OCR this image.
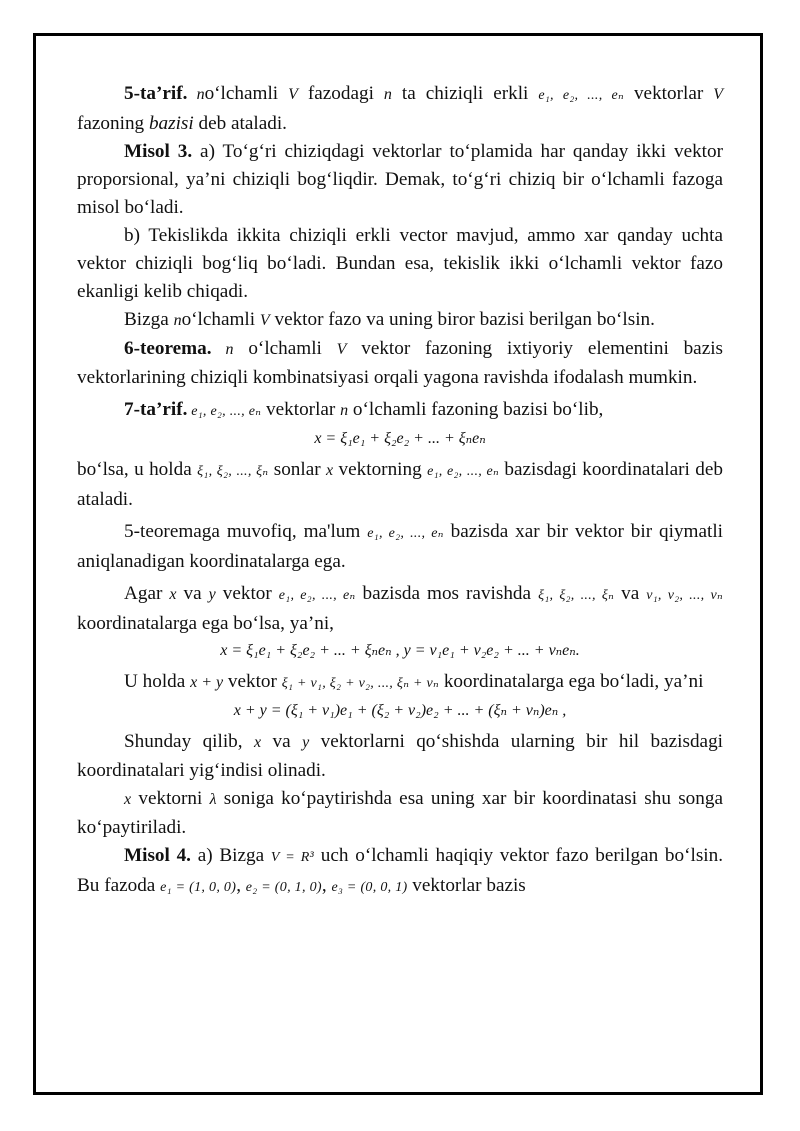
5-ta’rif. no‘lchamli V fazodagi n ta chiziqli erkli e₁, e₂, ..., eₙ vektorlar V fazoning bazisi deb ataladi.

Misol 3. a) To‘g‘ri chiziqdagi vektorlar to‘plamida har qanday ikki vektor proporsional, ya’ni chiziqli bog‘liqdir. Demak, to‘g‘ri chiziq bir o‘lchamli fazoga misol bo‘ladi.

b) Tekislikda ikkita chiziqli erkli vector mavjud, ammo xar qanday uchta vektor chiziqli bog‘liq bo‘ladi. Bundan esa, tekislik ikki o‘lchamli vektor fazo ekanligi kelib chiqadi.

Bizga no‘lchamli V vektor fazo va uning biror bazisi berilgan bo‘lsin.

6-teorema. n o‘lchamli V vektor fazoning ixtiyoriy elementini bazis vektorlarining chiziqli kombinatsiyasi orqali yagona ravishda ifodalash mumkin.

7-ta’rif. e₁, e₂, ..., eₙ vektorlar n o‘lchamli fazoning bazisi bo‘lib,

x = ξ₁e₁ + ξ₂e₂ + ... + ξₙeₙ

bo‘lsa, u holda ξ₁, ξ₂, ..., ξₙ sonlar x vektorning e₁, e₂, ..., eₙ bazisdagi koordinatalari deb ataladi.

5-teoremaga muvofiq, ma'lum e₁, e₂, ..., eₙ bazisda xar bir vektor bir qiymatli aniqlanadigan koordinatalarga ega.

Agar x va y vektor e₁, e₂, ..., eₙ bazisda mos ravishda ξ₁, ξ₂, ..., ξₙ va ν₁, ν₂, ..., νₙ koordinatalarga ega bo‘lsa, ya’ni,

x = ξ₁e₁ + ξ₂e₂ + ... + ξₙeₙ , y = ν₁e₁ + ν₂e₂ + ... + νₙeₙ.

U holda x + y vektor ξ₁ + ν₁, ξ₂ + ν₂, ..., ξₙ + νₙ koordinatalarga ega bo‘ladi, ya’ni

x + y = (ξ₁ + ν₁)e₁ + (ξ₂ + ν₂)e₂ + ... + (ξₙ + νₙ)eₙ ,

Shunday qilib, x va y vektorlarni qo‘shishda ularning bir hil bazisdagi koordinatalari yig‘indisi olinadi.

x vektorni λ soniga ko‘paytirishda esa uning xar bir koordinatasi shu songa ko‘paytiriladi.

Misol 4. a) Bizga V = R³ uch o‘lchamli haqiqiy vektor fazo berilgan bo‘lsin. Bu fazoda e₁ = (1, 0, 0), e₂ = (0, 1, 0), e₃ = (0, 0, 1) vektorlar bazis
